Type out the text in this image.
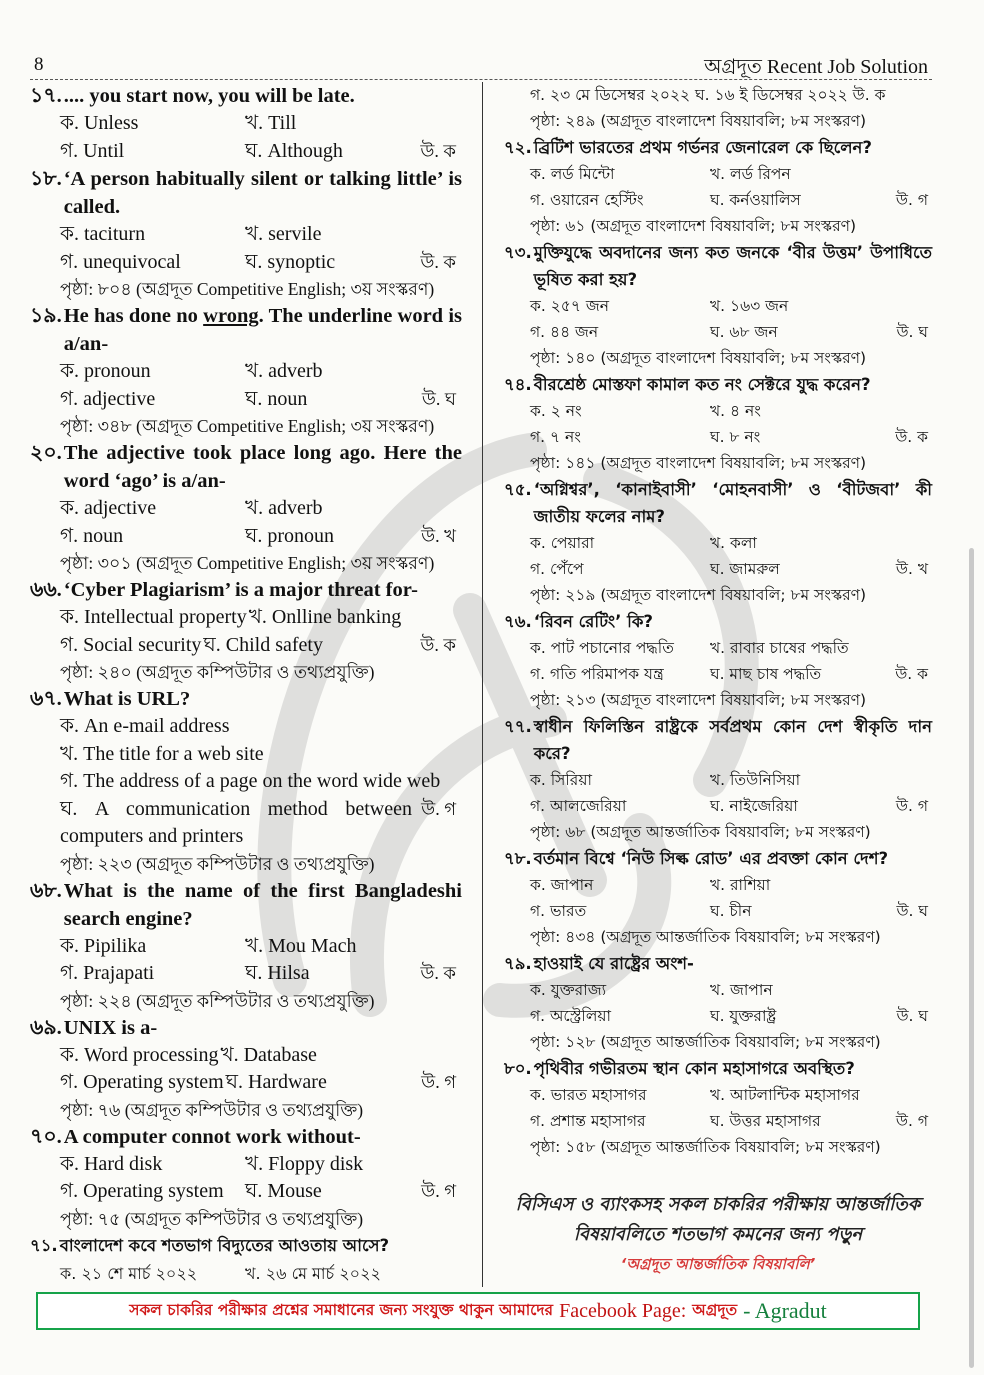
8	অগ্রদূত Recent Job Solution
১৭. .... you start now, you will be late.
ক. Unless	খ. Till
গ. Until	ঘ. Although	উ. ক
১৮. ‘A person habitually silent or talking little’ is called.
ক. taciturn	খ. servile
গ. unequivocal	ঘ. synoptic	উ. ক
পৃষ্ঠা: ৮০৪ (অগ্রদূত Competitive English; ৩য় সংস্করণ)
১৯. He has done no wrong. The underline word is a/an-
ক. pronoun	খ. adverb
গ. adjective	ঘ. noun	উ. ঘ
পৃষ্ঠা: ৩৪৮ (অগ্রদূত Competitive English; ৩য় সংস্করণ)
২০. The adjective took place long ago. Here the word ‘ago’ is a/an-
ক. adjective	খ. adverb
গ. noun	ঘ. pronoun	উ. খ
পৃষ্ঠা: ৩০১ (অগ্রদূত Competitive English; ৩য় সংস্করণ)
৬৬. ‘Cyber Plagiarism’ is a major threat for-
ক. Intellectual property খ. Onlline banking
গ. Social security ঘ. Child safety	উ. ক
পৃষ্ঠা: ২৪০ (অগ্রদূত কম্পিউটার ও তথ্যপ্রযুক্তি)
৬৭. What is URL?
ক. An e-mail address
খ. The title for a web site
গ. The address of a page on the word wide web
ঘ. A communication method between computers and printers
উ. গ
পৃষ্ঠা: ২২৩ (অগ্রদূত কম্পিউটার ও তথ্যপ্রযুক্তি)
৬৮. What is the name of the first Bangladeshi search engine?
ক. Pipilika	খ. Mou Mach
গ. Prajapati	ঘ. Hilsa	উ. ক
পৃষ্ঠা: ২২৪ (অগ্রদূত কম্পিউটার ও তথ্যপ্রযুক্তি)
৬৯. UNIX is a-
ক. Word processing খ. Database
গ. Operating system ঘ. Hardware	উ. গ
পৃষ্ঠা: ৭৬ (অগ্রদূত কম্পিউটার ও তথ্যপ্রযুক্তি)
৭০. A computer connot work without-
ক. Hard disk	খ. Floppy disk
গ. Operating system	ঘ. Mouse	উ. গ
পৃষ্ঠা: ৭৫ (অগ্রদূত কম্পিউটার ও তথ্যপ্রযুক্তি)
৭১. বাংলাদেশ কবে শতভাগ বিদ্যুতের আওতায় আসে?
ক. ২১ শে মার্চ ২০২২	খ. ২৬ মে মার্চ ২০২২
গ. ২৩ মে ডিসেম্বর ২০২২ ঘ. ১৬ ই ডিসেম্বর ২০২২ উ. ক
পৃষ্ঠা: ২৪৯ (অগ্রদূত বাংলাদেশ বিষয়াবলি; ৮ম সংস্করণ)
৭২. ব্রিটিশ ভারতের প্রথম গর্ভনর জেনারেল কে ছিলেন?
ক. লর্ড মিন্টো	খ. লর্ড রিপন
গ. ওয়ারেন হেস্টিং	ঘ. কর্নওয়ালিস	উ. গ
পৃষ্ঠা: ৬১ (অগ্রদূত বাংলাদেশ বিষয়াবলি; ৮ম সংস্করণ)
৭৩. মুক্তিযুদ্ধে অবদানের জন্য কত জনকে ‘বীর উত্তম’ উপাধিতে ভূষিত করা হয়?
ক. ২৫৭ জন	খ. ১৬৩ জন
গ. ৪৪ জন	ঘ. ৬৮ জন	উ. ঘ
পৃষ্ঠা: ১৪০ (অগ্রদূত বাংলাদেশ বিষয়াবলি; ৮ম সংস্করণ)
৭৪. বীরশ্রেষ্ঠ মোস্তফা কামাল কত নং সেক্টরে যুদ্ধ করেন?
ক. ২ নং	খ. ৪ নং
গ. ৭ নং	ঘ. ৮ নং	উ. ক
পৃষ্ঠা: ১৪১ (অগ্রদূত বাংলাদেশ বিষয়াবলি; ৮ম সংস্করণ)
৭৫. ‘অগ্নিশ্বর’, ‘কানাইবাসী’ ‘মোহনবাসী’ ও ‘বীটজবা’ কী জাতীয় ফলের নাম?
ক. পেয়ারা	খ. কলা
গ. পেঁপে	ঘ. জামরুল	উ. খ
পৃষ্ঠা: ২১৯ (অগ্রদূত বাংলাদেশ বিষয়াবলি; ৮ম সংস্করণ)
৭৬. ‘রিবন রেটিং’ কি?
ক. পাট পচানোর পদ্ধতি	খ. রাবার চাষের পদ্ধতি
গ. গতি পরিমাপক যন্ত্র	ঘ. মাছ চাষ পদ্ধতি	উ. ক
পৃষ্ঠা: ২১৩ (অগ্রদূত বাংলাদেশ বিষয়াবলি; ৮ম সংস্করণ)
৭৭. স্বাধীন ফিলিস্তিন রাষ্ট্রকে সর্বপ্রথম কোন দেশ স্বীকৃতি দান করে?
ক. সিরিয়া	খ. তিউনিসিয়া
গ. আলজেরিয়া	ঘ. নাইজেরিয়া	উ. গ
পৃষ্ঠা: ৬৮ (অগ্রদূত আন্তর্জাতিক বিষয়াবলি; ৮ম সংস্করণ)
৭৮. বর্তমান বিশ্বে ‘নিউ সিল্ক রোড’ এর প্রবক্তা কোন দেশ?
ক. জাপান	খ. রাশিয়া
গ. ভারত	ঘ. চীন	উ. ঘ
পৃষ্ঠা: ৪৩৪ (অগ্রদূত আন্তর্জাতিক বিষয়াবলি; ৮ম সংস্করণ)
৭৯. হাওয়াই যে রাষ্ট্রের অংশ-
ক. যুক্তরাজ্য	খ. জাপান
গ. অস্ট্রেলিয়া	ঘ. যুক্তরাষ্ট্র	উ. ঘ
পৃষ্ঠা: ১২৮ (অগ্রদূত আন্তর্জাতিক বিষয়াবলি; ৮ম সংস্করণ)
৮০. পৃথিবীর গভীরতম স্থান কোন মহাসাগরে অবস্থিত?
ক. ভারত মহাসাগর	খ. আটলান্টিক মহাসাগর
গ. প্রশান্ত মহাসাগর	ঘ. উত্তর মহাসাগর	উ. গ
পৃষ্ঠা: ১৫৮ (অগ্রদূত আন্তর্জাতিক বিষয়াবলি; ৮ম সংস্করণ)
বিসিএস ও ব্যাংকসহ সকল চাকরির পরীক্ষায় আন্তর্জাতিক
বিষয়াবলিতে শতভাগ কমনের জন্য পড়ুন
‘অগ্রদূত আন্তর্জাতিক বিষয়াবলি’
সকল চাকরির পরীক্ষার প্রশ্নের সমাধানের জন্য সংযুক্ত থাকুন আমাদের Facebook Page: অগ্রদূত - Agradut
